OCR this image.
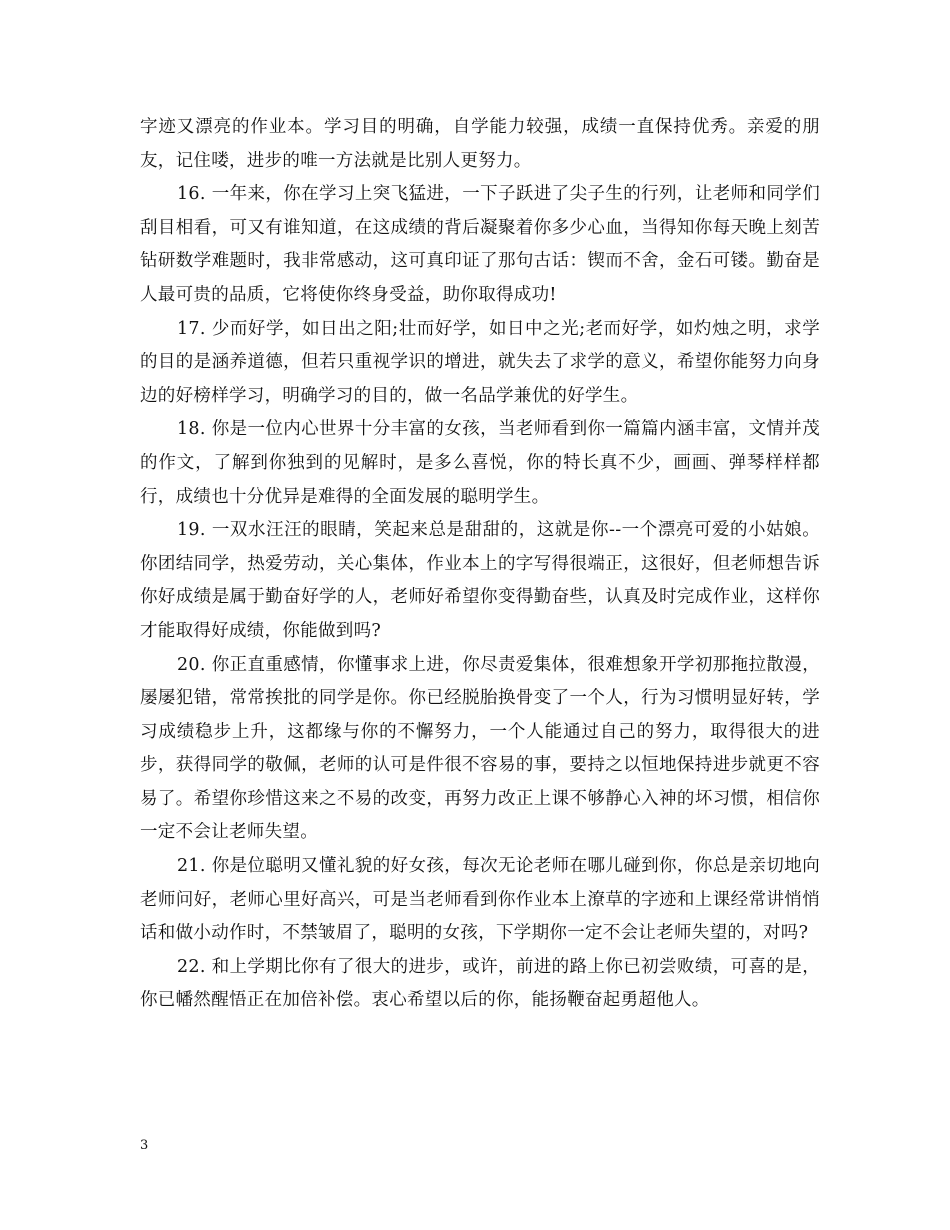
字迹又漂亮的作业本。学习目的明确，自学能力较强，成绩一直保持优秀。亲爱的朋友，记住喽，进步的唯一方法就是比别人更努力。

16. 一年来，你在学习上突飞猛进，一下子跃进了尖子生的行列，让老师和同学们刮目相看，可又有谁知道，在这成绩的背后凝聚着你多少心血，当得知你每天晚上刻苦钻研数学难题时，我非常感动，这可真印证了那句古话：锲而不舍，金石可镂。勤奋是人最可贵的品质，它将使你终身受益，助你取得成功!

17. 少而好学，如日出之阳;壮而好学，如日中之光;老而好学，如灼烛之明，求学的目的是涵养道德，但若只重视学识的增进，就失去了求学的意义，希望你能努力向身边的好榜样学习，明确学习的目的，做一名品学兼优的好学生。

18. 你是一位内心世界十分丰富的女孩，当老师看到你一篇篇内涵丰富，文情并茂的作文，了解到你独到的见解时，是多么喜悦，你的特长真不少，画画、弹琴样样都行，成绩也十分优异是难得的全面发展的聪明学生。

19. 一双水汪汪的眼睛，笑起来总是甜甜的，这就是你--一个漂亮可爱的小姑娘。你团结同学，热爱劳动，关心集体，作业本上的字写得很端正，这很好，但老师想告诉你好成绩是属于勤奋好学的人，老师好希望你变得勤奋些，认真及时完成作业，这样你才能取得好成绩，你能做到吗?

20. 你正直重感情，你懂事求上进，你尽责爱集体，很难想象开学初那拖拉散漫，屡屡犯错，常常挨批的同学是你。你已经脱胎换骨变了一个人，行为习惯明显好转，学习成绩稳步上升，这都缘与你的不懈努力，一个人能通过自己的努力，取得很大的进步，获得同学的敬佩，老师的认可是件很不容易的事，要持之以恒地保持进步就更不容易了。希望你珍惜这来之不易的改变，再努力改正上课不够静心入神的坏习惯，相信你一定不会让老师失望。

21. 你是位聪明又懂礼貌的好女孩，每次无论老师在哪儿碰到你，你总是亲切地向老师问好，老师心里好高兴，可是当老师看到你作业本上潦草的字迹和上课经常讲悄悄话和做小动作时，不禁皱眉了，聪明的女孩，下学期你一定不会让老师失望的，对吗?

22. 和上学期比你有了很大的进步，或许，前进的路上你已初尝败绩，可喜的是，你已幡然醒悟正在加倍补偿。衷心希望以后的你，能扬鞭奋起勇超他人。

3
